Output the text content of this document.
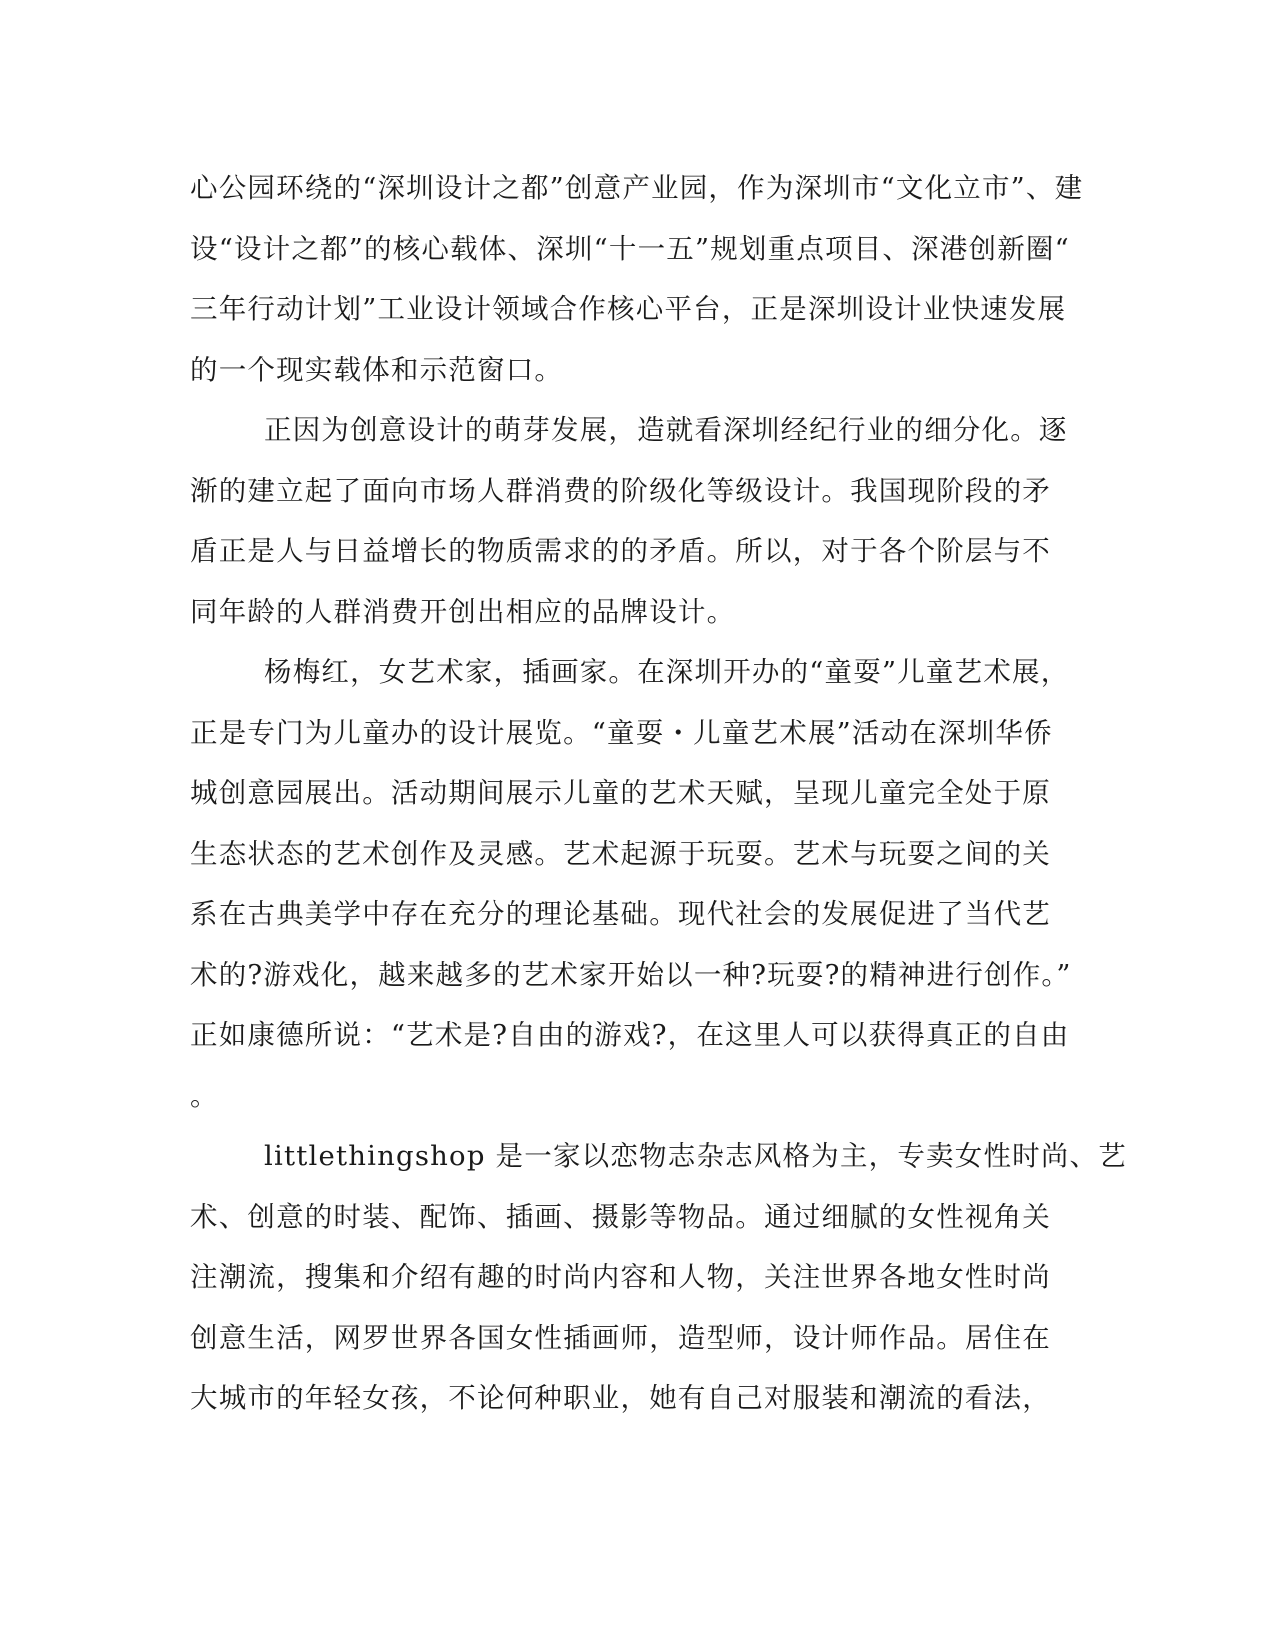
心公园环绕的“深圳设计之都”创意产业园，作为深圳市“文化立市”、建
设“设计之都”的核心载体、深圳“十一五”规划重点项目、深港创新圈“
三年行动计划”工业设计领域合作核心平台，正是深圳设计业快速发展
的一个现实载体和示范窗口。
正因为创意设计的萌芽发展，造就看深圳经纪行业的细分化。逐
渐的建立起了面向市场人群消费的阶级化等级设计。我国现阶段的矛
盾正是人与日益增长的物质需求的的矛盾。所以，对于各个阶层与不
同年龄的人群消费开创出相应的品牌设计。
杨梅红，女艺术家，插画家。在深圳开办的“童耍”儿童艺术展，
正是专门为儿童办的设计展览。“童耍・儿童艺术展”活动在深圳华侨
城创意园展出。活动期间展示儿童的艺术天赋，呈现儿童完全处于原
生态状态的艺术创作及灵感。艺术起源于玩耍。艺术与玩耍之间的关
系在古典美学中存在充分的理论基础。现代社会的发展促进了当代艺
术的?游戏化，越来越多的艺术家开始以一种?玩耍?的精神进行创作。”
正如康德所说：“艺术是?自由的游戏?，在这里人可以获得真正的自由
。
littlethingshop 是一家以恋物志杂志风格为主，专卖女性时尚、艺
术、创意的时装、配饰、插画、摄影等物品。通过细腻的女性视角关
注潮流，搜集和介绍有趣的时尚内容和人物，关注世界各地女性时尚
创意生活，网罗世界各国女性插画师，造型师，设计师作品。居住在
大城市的年轻女孩，不论何种职业，她有自己对服装和潮流的看法，
